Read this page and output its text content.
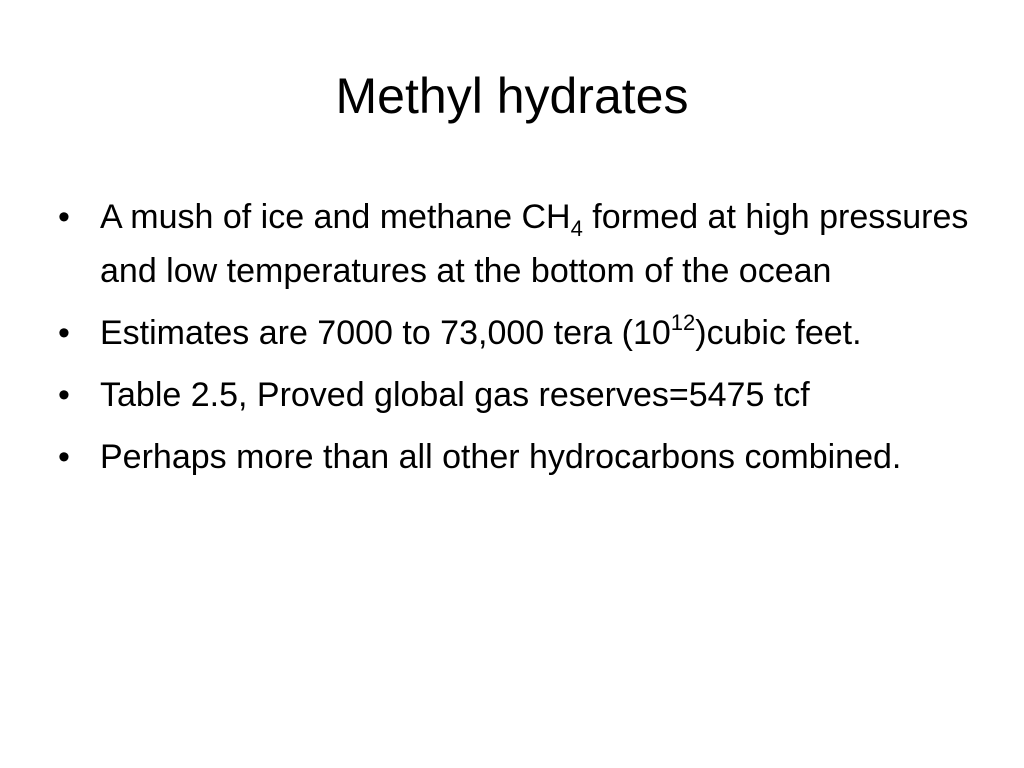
Methyl hydrates
• A mush of ice and methane $CH_4$ formed at high pressures and low temperatures at the bottom of the ocean
• Estimates are 7000 to 73,000 tera $(10^{12})cubic$ feet.
• Table 2.5, Proved global gas reserves=5475 tcf
• Perhaps more than all other hydrocarbons combined.
